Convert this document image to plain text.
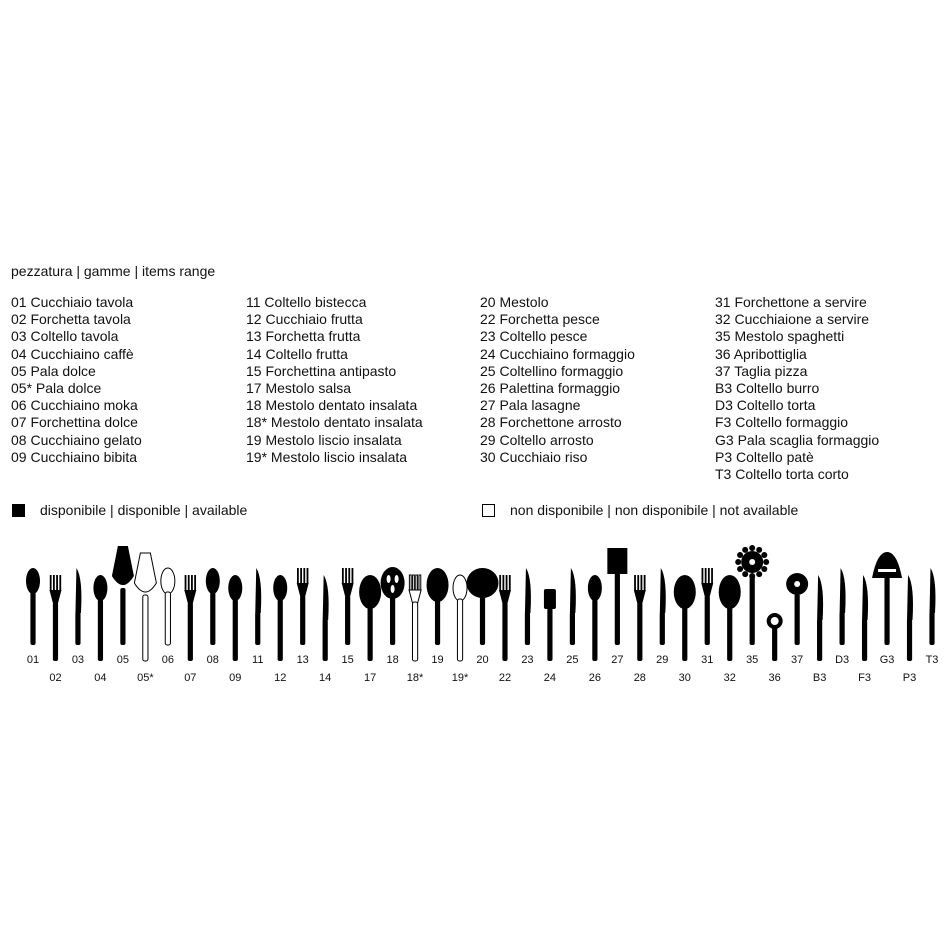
pezzatura | gamme | items range
01 Cucchiaio tavola
02 Forchetta tavola
03 Coltello tavola
04 Cucchiaino caffè
05 Pala dolce
05* Pala dolce
06 Cucchiaino moka
07 Forchettina dolce
08 Cucchiaino gelato
09 Cucchiaino bibita
11 Coltello bistecca
12 Cucchiaio frutta
13 Forchetta frutta
14 Coltello frutta
15 Forchettina antipasto
17 Mestolo salsa
18 Mestolo dentato insalata
18* Mestolo dentato insalata
19 Mestolo liscio insalata
19* Mestolo liscio insalata
20 Mestolo
22 Forchetta pesce
23 Coltello pesce
24 Cucchiaino formaggio
25 Coltellino formaggio
26 Palettina formaggio
27 Pala lasagne
28 Forchettone arrosto
29 Coltello arrosto
30 Cucchiaio riso
31 Forchettone a servire
32 Cucchiaione a servire
35 Mestolo spaghetti
36 Apribottiglia
37 Taglia pizza
B3 Coltello burro
D3 Coltello torta
F3 Coltello formaggio
G3 Pala scaglia formaggio
P3 Coltello patè
T3 Coltello torta corto
disponibile | disponible | available	non disponibile | non disponibile | not available
01
02
03
04
05
05*
06
07
08
09
11
12
13
14
15
17
18
18*
19
19*
20
22
23
24
25
26
27
28
29
30
31
32
35
36
37
B3
D3
F3
G3
P3
T3
